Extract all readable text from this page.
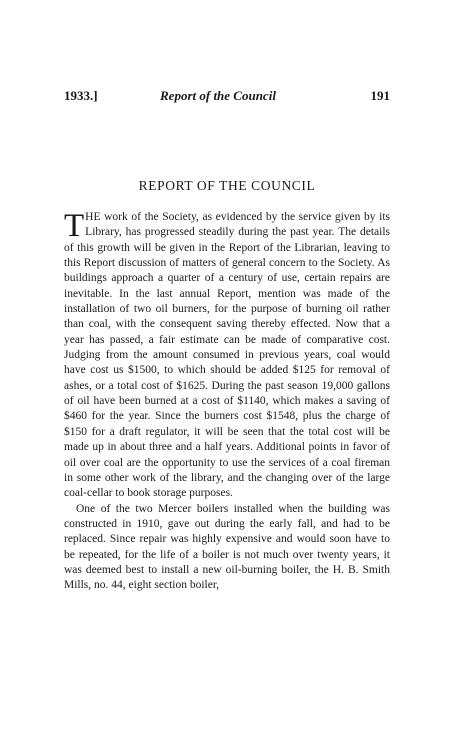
1933.]	Report of the Council	191
REPORT OF THE COUNCIL

THE work of the Society, as evidenced by the service given by its Library, has progressed steadily during the past year. The details of this growth will be given in the Report of the Librarian, leaving to this Report discussion of matters of general concern to the Society. As buildings approach a quarter of a century of use, certain repairs are inevitable. In the last annual Report, mention was made of the installation of two oil burners, for the purpose of burning oil rather than coal, with the consequent saving thereby effected. Now that a year has passed, a fair estimate can be made of comparative cost. Judging from the amount consumed in previous years, coal would have cost us $1500, to which should be added $125 for removal of ashes, or a total cost of $1625. During the past season 19,000 gallons of oil have been burned at a cost of $1140, which makes a saving of $460 for the year. Since the burners cost $1548, plus the charge of $150 for a draft regulator, it will be seen that the total cost will be made up in about three and a half years. Additional points in favor of oil over coal are the opportunity to use the services of a coal fireman in some other work of the library, and the changing over of the large coal-cellar to book storage purposes.

One of the two Mercer boilers installed when the building was constructed in 1910, gave out during the early fall, and had to be replaced. Since repair was highly expensive and would soon have to be repeated, for the life of a boiler is not much over twenty years, it was deemed best to install a new oil-burning boiler, the H. B. Smith Mills, no. 44, eight section boiler,
